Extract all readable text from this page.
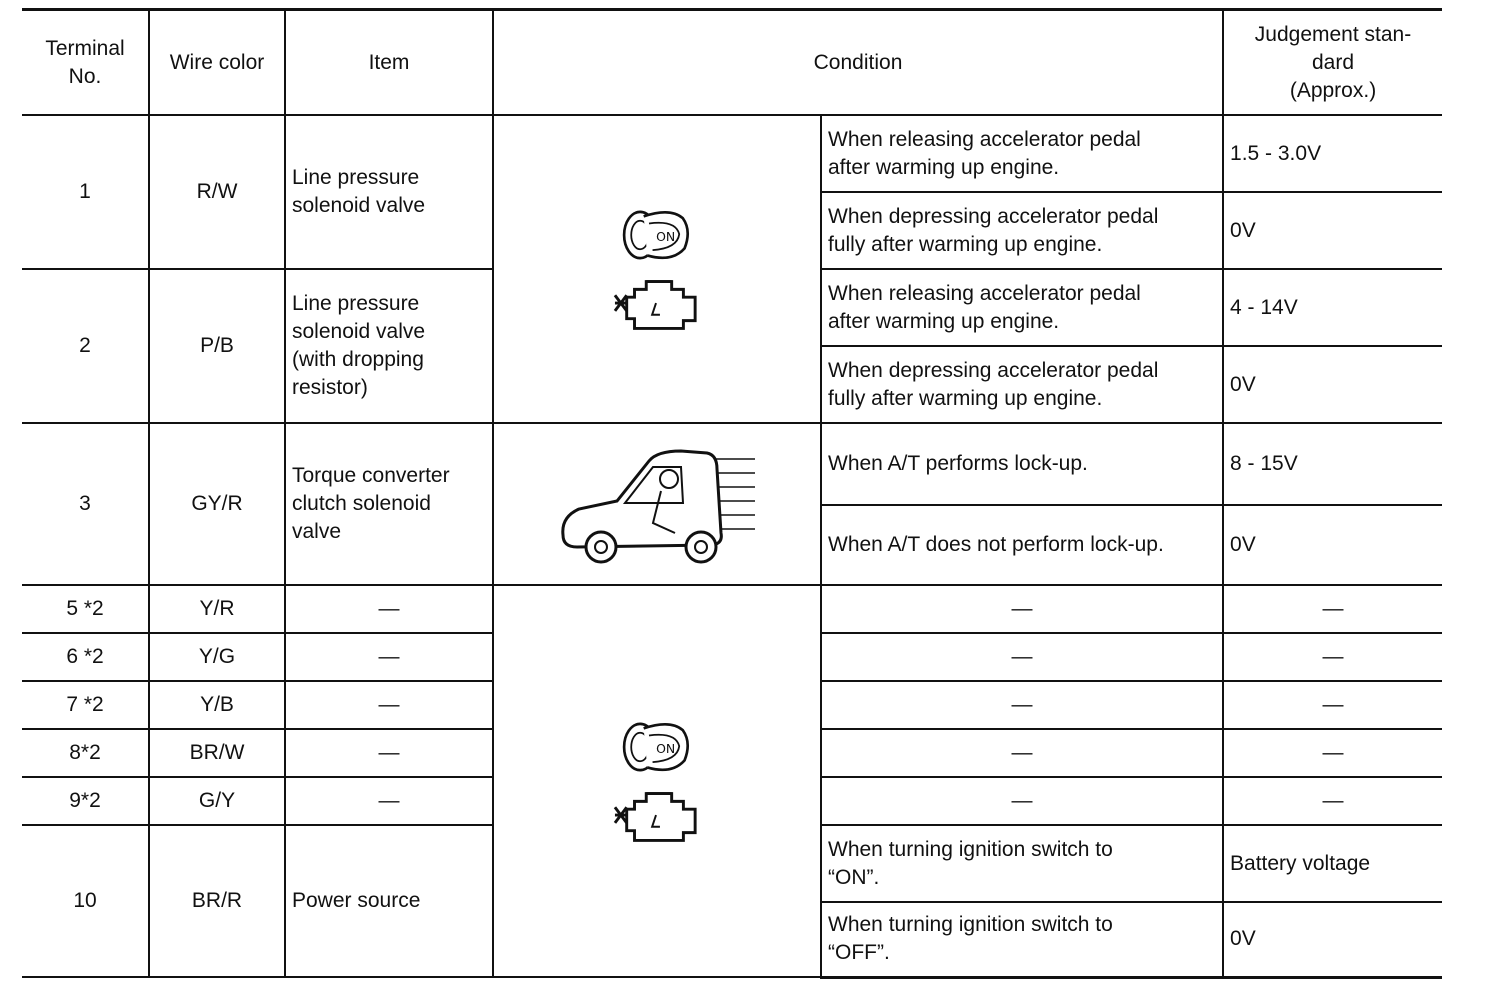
Terminal
No.	Wire color	Item	Condition		Judgement stan-
dard
(Approx.)
1	R/W	Line pressure
solenoid valve	ON	When releasing accelerator pedal
after warming up engine.	1.5 - 3.0V
				When depressing accelerator pedal
fully after warming up engine.	0V
2	P/B	Line pressure
solenoid valve
(with dropping
resistor)		When releasing accelerator pedal
after warming up engine.	4 - 14V
				When depressing accelerator pedal
fully after warming up engine.	0V
3	GY/R	Torque converter
clutch solenoid
valve		When A/T performs lock-up.	8 - 15V
				When A/T does not perform lock-up.	0V
5 *2	Y/R	—	ON	—	—
6 *2	Y/G	—		—	—
7 *2	Y/B	—		—	—
8*2	BR/W	—		—	—
9*2	G/Y	—		—	—
10	BR/R	Power source		When turning ignition switch to
“ON”.	Battery voltage
				When turning ignition switch to
“OFF”.	0V
